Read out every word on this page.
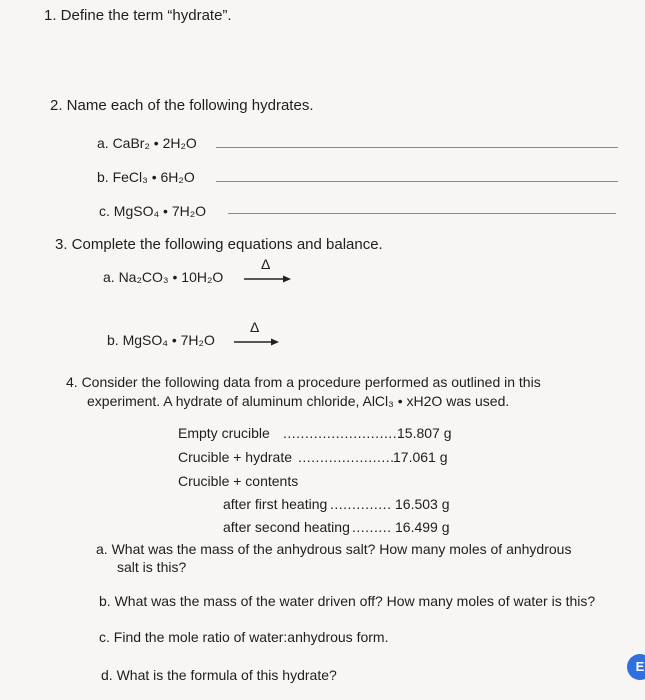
1. Define the term “hydrate”.
2. Name each of the following hydrates.
a. CaBr₂ • 2H₂O
b. FeCl₃ • 6H₂O
c. MgSO₄ • 7H₂O
3. Complete the following equations and balance.
a. Na₂CO₃ • 10H₂O
Δ
b. MgSO₄ • 7H₂O
Δ
4. Consider the following data from a procedure performed as outlined in this
experiment. A hydrate of aluminum chloride, AlCl₃ • xH2O was used.
Empty crucible ...........................
15.807 g
Crucible + hydrate ......................
17.061 g
Crucible + contents
after first heating .............. 16.503 g
after second heating ......... 16.499 g
a. What was the mass of the anhydrous salt? How many moles of anhydrous
salt is this?
b. What was the mass of the water driven off? How many moles of water is this?
c. Find the mole ratio of water:anhydrous form.
d. What is the formula of this hydrate?
E
